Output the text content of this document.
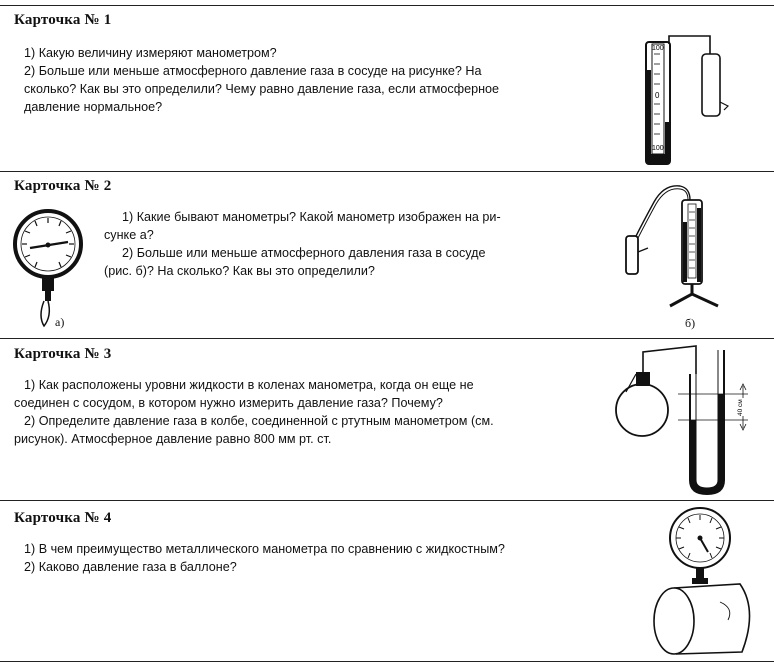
Карточка № 1
1) Какую величину измеряют манометром?
2) Больше или меньше атмосферного давление газа в сосуде на рисунке? На
сколько? Как вы это определили? Чему равно давление газа, если атмосферное
давление нормальное?
100
0
100
Карточка № 2
а)
1) Какие бывают манометры? Какой манометр изображен на ри-
сунке а?
2) Больше или меньше атмосферного давления газа в сосуде
(рис. б)? На сколько? Как вы это определили?
б)
Карточка № 3
1) Как расположены уровни жидкости в коленах манометра, когда он еще не
соединен с сосудом, в котором нужно измерить давление газа? Почему?
2) Определите давление газа в колбе, соединенной с ртутным манометром (см.
рисунок). Атмосферное давление равно 800 мм рт. ст.
40 см
Карточка № 4
1) В чем преимущество металлического манометра по сравнению с жидкостным?
2) Каково давление газа в баллоне?
